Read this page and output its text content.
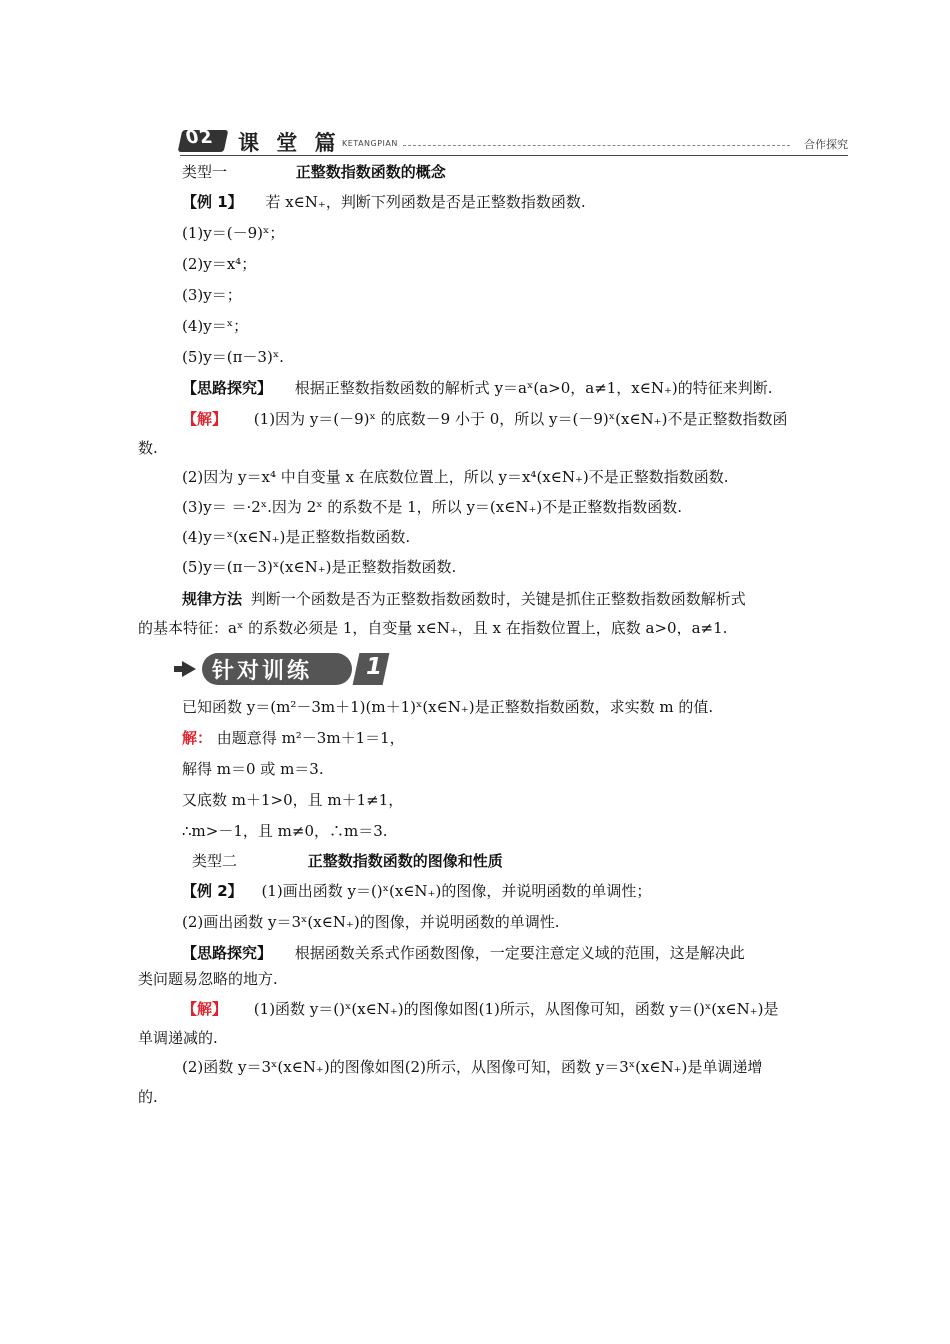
02 课 堂 篇 KETANGPIAN	合作探究
类型一	正整数指数函数的概念
【例 1】 若 x∈N₊，判断下列函数是否是正整数指数函数.
(1)y＝(－9)ˣ；
(2)y＝x⁴；
(3)y＝；
(4)y＝ˣ；
(5)y＝(π－3)ˣ.
【思路探究】 根据正整数指数函数的解析式 y＝aˣ(a>0，a≠1，x∈N₊)的特征来判断.
【解】 (1)因为 y＝(－9)ˣ 的底数－9 小于 0，所以 y＝(－9)ˣ(x∈N₊)不是正整数指数函
数.
(2)因为 y＝x⁴ 中自变量 x 在底数位置上，所以 y＝x⁴(x∈N₊)不是正整数指数函数.
(3)y＝ ＝·2ˣ.因为 2ˣ 的系数不是 1，所以 y＝(x∈N₊)不是正整数指数函数.
(4)y＝ˣ(x∈N₊)是正整数指数函数.
(5)y＝(π－3)ˣ(x∈N₊)是正整数指数函数.
规律方法 判断一个函数是否为正整数指数函数时，关键是抓住正整数指数函数解析式
的基本特征：aˣ 的系数必须是 1，自变量 x∈N₊，且 x 在指数位置上，底数 a>0，a≠1.
针对训练 1
已知函数 y＝(m²－3m＋1)(m＋1)ˣ(x∈N₊)是正整数指数函数，求实数 m 的值.
解： 由题意得 m²－3m＋1＝1，
解得 m＝0 或 m＝3.
又底数 m＋1>0，且 m＋1≠1，
∴m>－1，且 m≠0，∴m＝3.
类型二	正整数指数函数的图像和性质
【例 2】 (1)画出函数 y＝()ˣ(x∈N₊)的图像，并说明函数的单调性；
(2)画出函数 y＝3ˣ(x∈N₊)的图像，并说明函数的单调性.
【思路探究】 根据函数关系式作函数图像，一定要注意定义域的范围，这是解决此
类问题易忽略的地方.
【解】 (1)函数 y＝()ˣ(x∈N₊)的图像如图(1)所示，从图像可知，函数 y＝()ˣ(x∈N₊)是
单调递减的.
(2)函数 y＝3ˣ(x∈N₊)的图像如图(2)所示，从图像可知，函数 y＝3ˣ(x∈N₊)是单调递增
的.
